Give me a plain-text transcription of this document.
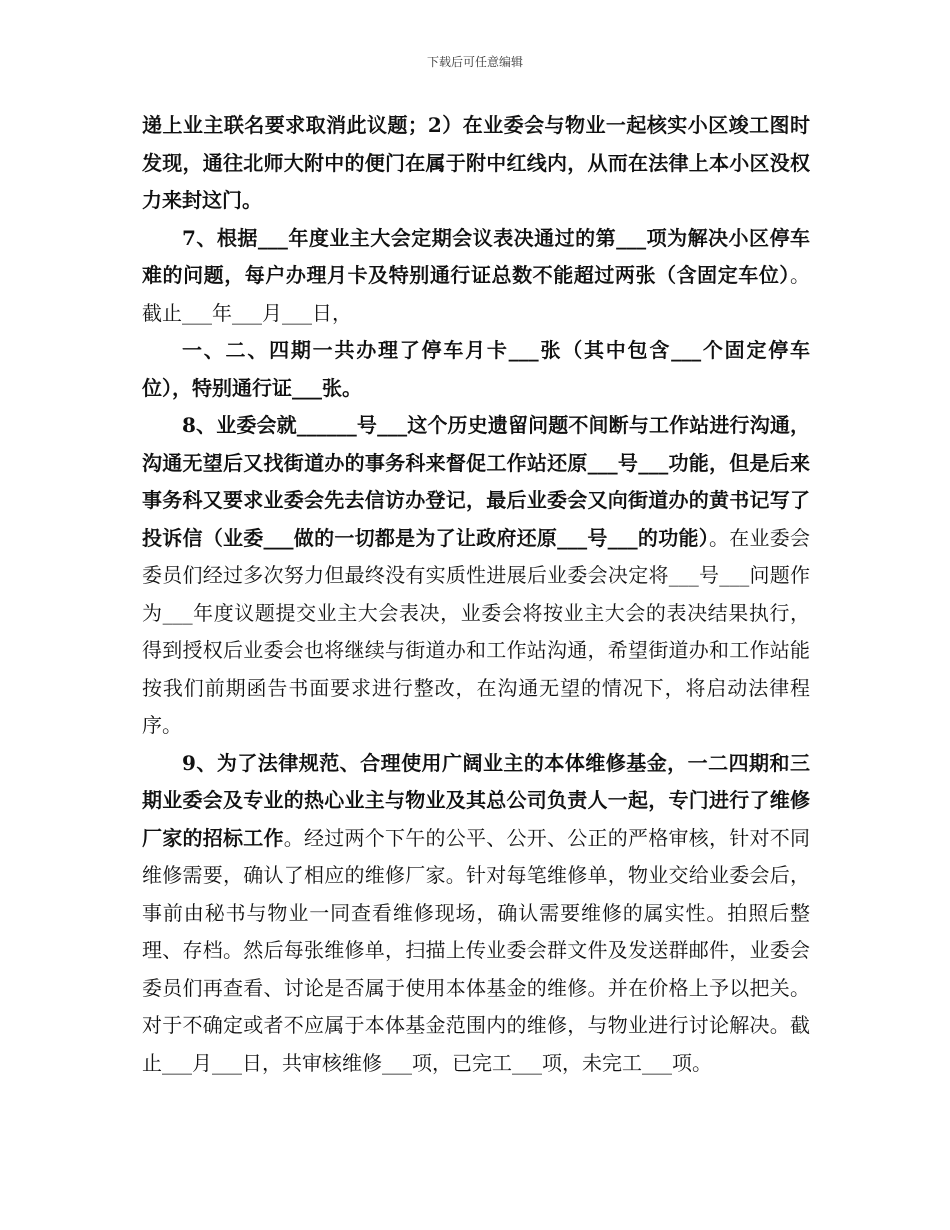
下载后可任意编辑

递上业主联名要求取消此议题；2）在业委会与物业一起核实小区竣工图时发现，通往北师大附中的便门在属于附中红线内，从而在法律上本小区没权力来封这门。

7、根据___年度业主大会定期会议表决通过的第___项为解决小区停车难的问题，每户办理月卡及特别通行证总数不能超过两张（含固定车位）。截止___年___月___日，

一、二、四期一共办理了停车月卡___张（其中包含___个固定停车位），特别通行证___张。

8、业委会就______号___这个历史遗留问题不间断与工作站进行沟通，沟通无望后又找街道办的事务科来督促工作站还原___号___功能，但是后来事务科又要求业委会先去信访办登记，最后业委会又向街道办的黄书记写了投诉信（业委___做的一切都是为了让政府还原___号___的功能）。在业委会委员们经过多次努力但最终没有实质性进展后业委会决定将___号___问题作为___年度议题提交业主大会表决，业委会将按业主大会的表决结果执行，得到授权后业委会也将继续与街道办和工作站沟通，希望街道办和工作站能按我们前期函告书面要求进行整改，在沟通无望的情况下，将启动法律程序。

9、为了法律规范、合理使用广阔业主的本体维修基金，一二四期和三期业委会及专业的热心业主与物业及其总公司负责人一起，专门进行了维修厂家的招标工作。经过两个下午的公平、公开、公正的严格审核，针对不同维修需要，确认了相应的维修厂家。针对每笔维修单，物业交给业委会后，事前由秘书与物业一同查看维修现场，确认需要维修的属实性。拍照后整理、存档。然后每张维修单，扫描上传业委会群文件及发送群邮件，业委会委员们再查看、讨论是否属于使用本体基金的维修。并在价格上予以把关。对于不确定或者不应属于本体基金范围内的维修，与物业进行讨论解决。截止___月___日，共审核维修___项，已完工___项，未完工___项。
